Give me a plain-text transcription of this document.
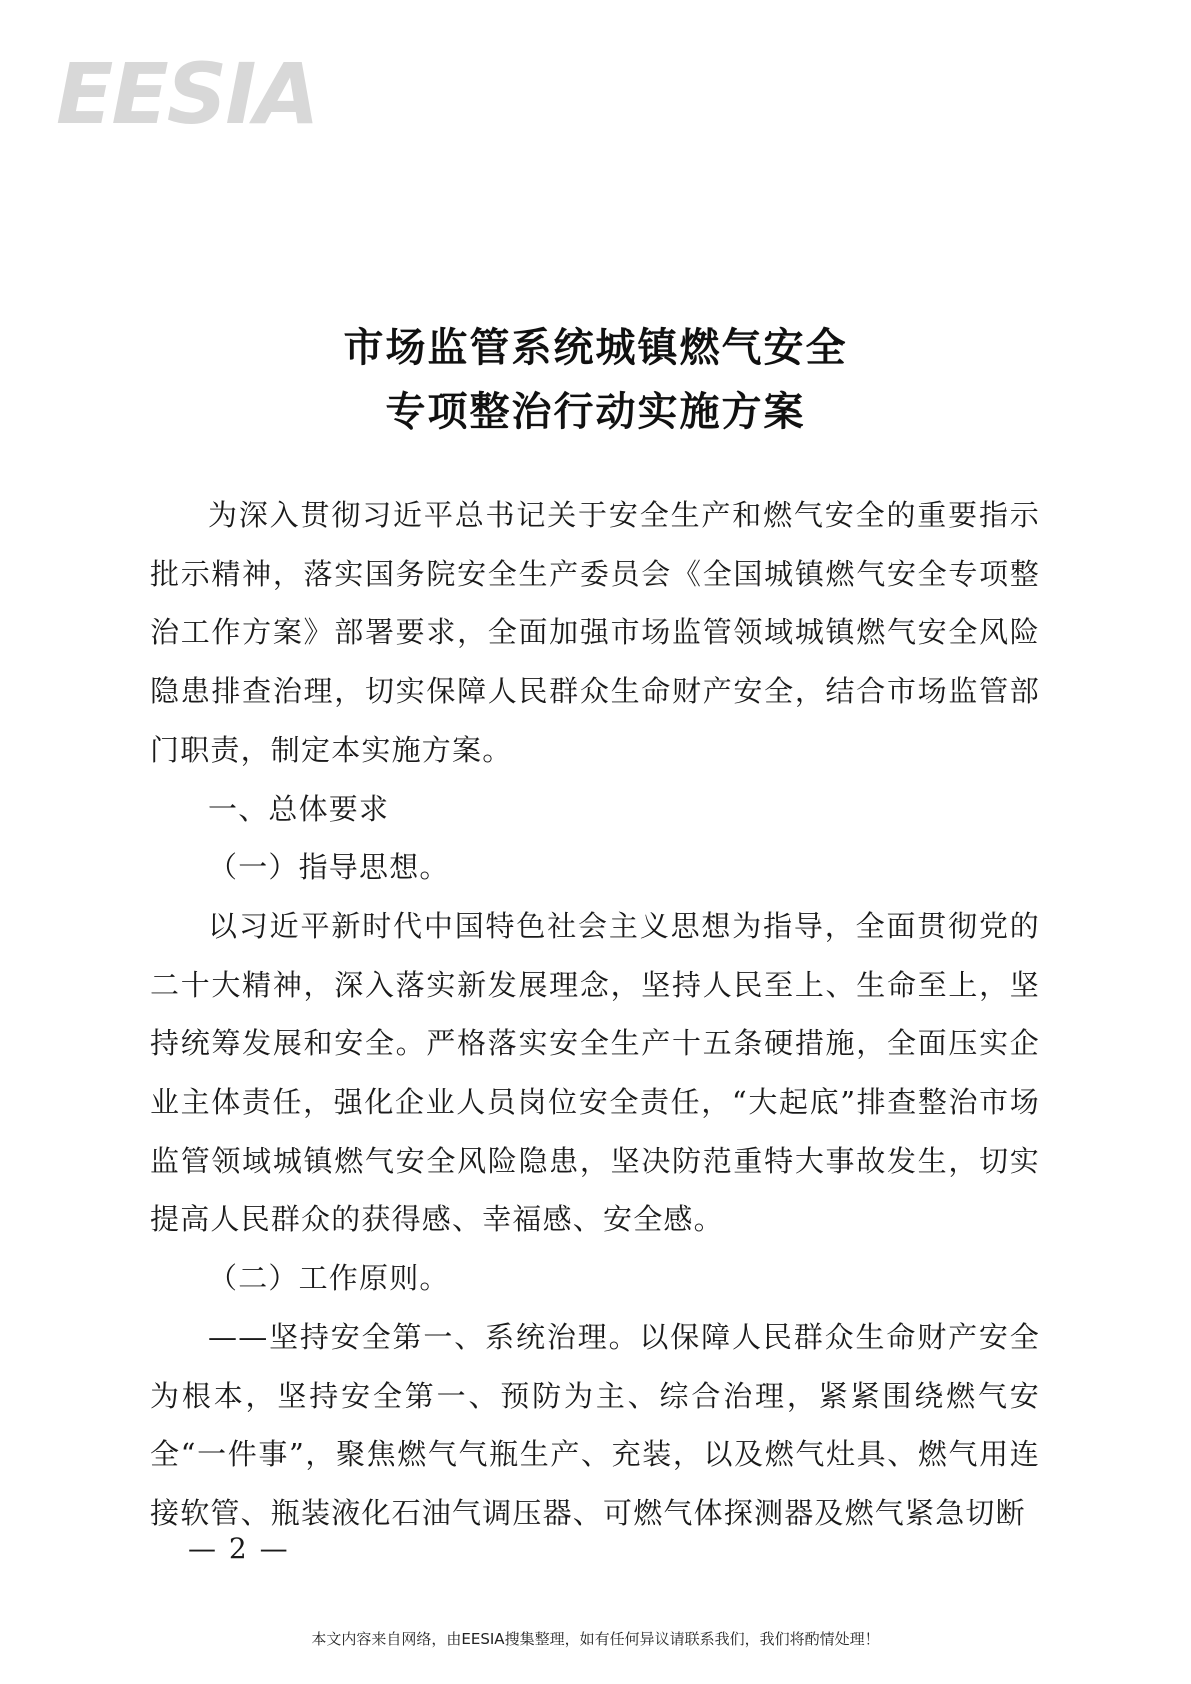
EESIA
市场监管系统城镇燃气安全
专项整治行动实施方案

为深入贯彻习近平总书记关于安全生产和燃气安全的重要指示批示精神，落实国务院安全生产委员会《全国城镇燃气安全专项整治工作方案》部署要求，全面加强市场监管领域城镇燃气安全风险隐患排查治理，切实保障人民群众生命财产安全，结合市场监管部门职责，制定本实施方案。

一、总体要求

（一）指导思想。

以习近平新时代中国特色社会主义思想为指导，全面贯彻党的二十大精神，深入落实新发展理念，坚持人民至上、生命至上，坚持统筹发展和安全。严格落实安全生产十五条硬措施，全面压实企业主体责任，强化企业人员岗位安全责任，“大起底”排查整治市场监管领域城镇燃气安全风险隐患，坚决防范重特大事故发生，切实提高人民群众的获得感、幸福感、安全感。

（二）工作原则。

——坚持安全第一、系统治理。以保障人民群众生命财产安全为根本，坚持安全第一、预防为主、综合治理，紧紧围绕燃气安全“一件事”，聚焦燃气气瓶生产、充装，以及燃气灶具、燃气用连接软管、瓶装液化石油气调压器、可燃气体探测器及燃气紧急切断

— 2 —
本文内容来自网络，由EESIA搜集整理，如有任何异议请联系我们，我们将酌情处理！
